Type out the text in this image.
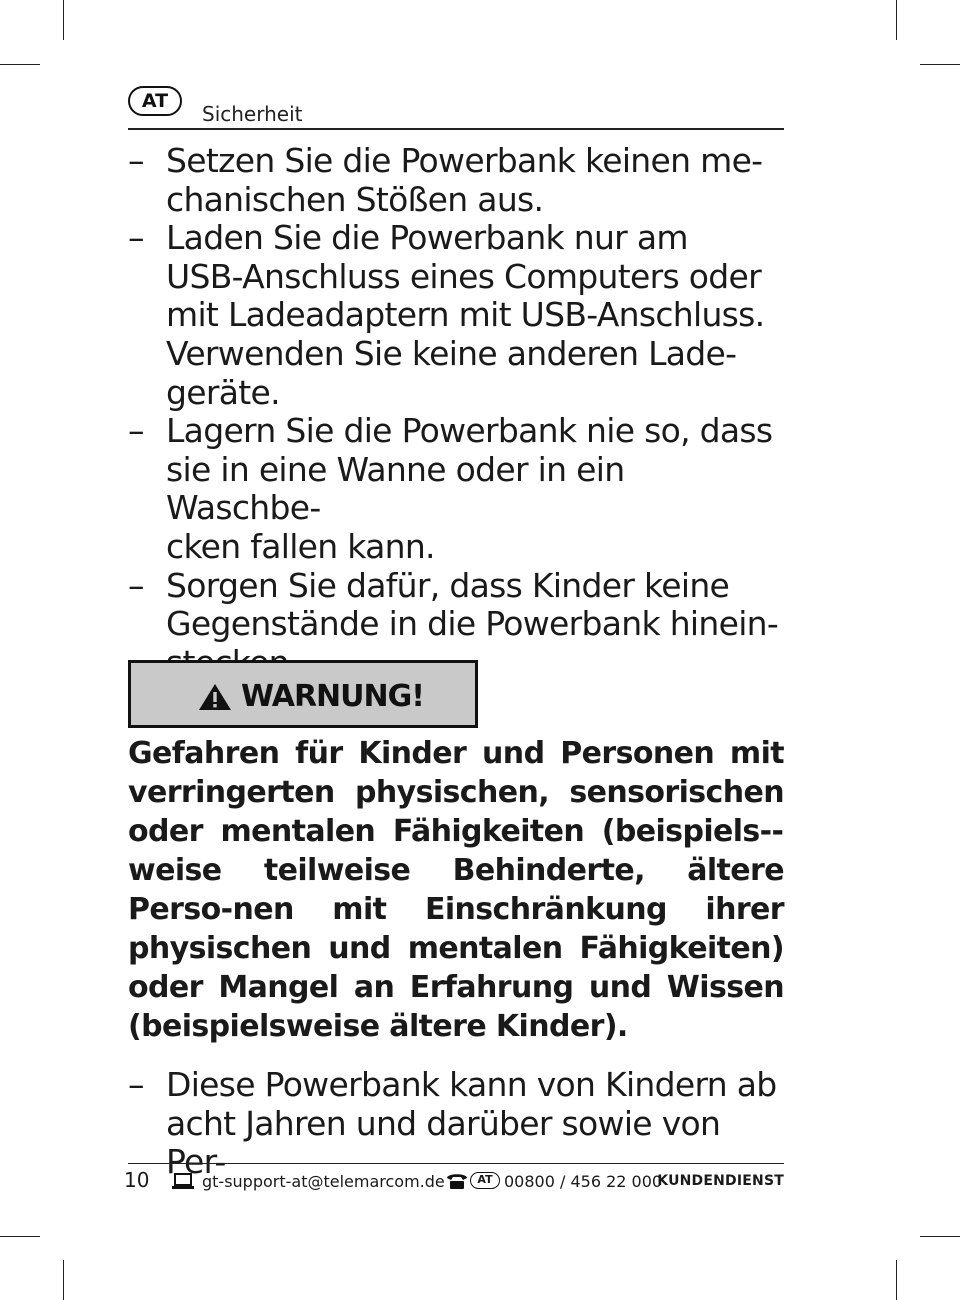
AT
Sicherheit
– Setzen Sie die Powerbank keinen me-
chanischen Stößen aus.
– Laden Sie die Powerbank nur am
USB-Anschluss eines Computers oder
mit Ladeadaptern mit USB-Anschluss.
Verwenden Sie keine anderen Lade-
geräte.
– Lagern Sie die Powerbank nie so, dass
sie in eine Wanne oder in ein Waschbe-
cken fallen kann.
– Sorgen Sie dafür, dass Kinder keine
Gegenstände in die Powerbank hinein-

WARNUNG!

Gefahren für Kinder und Personen mit verringerten physischen, sensorischen oder mentalen Fähigkeiten (beispiels-weise teilweise Behinderte, ältere Perso-nen mit Einschränkung ihrer physischen und mentalen Fähigkeiten) oder Mangel an Erfahrung und Wissen (beispielsweise ältere Kinder).

– Diese Powerbank kann von Kindern ab
acht Jahren und darüber sowie von Per-
10	gt-support-at@telemarcom.de	AT 00800 / 456 22 000
KUNDENDIENST
